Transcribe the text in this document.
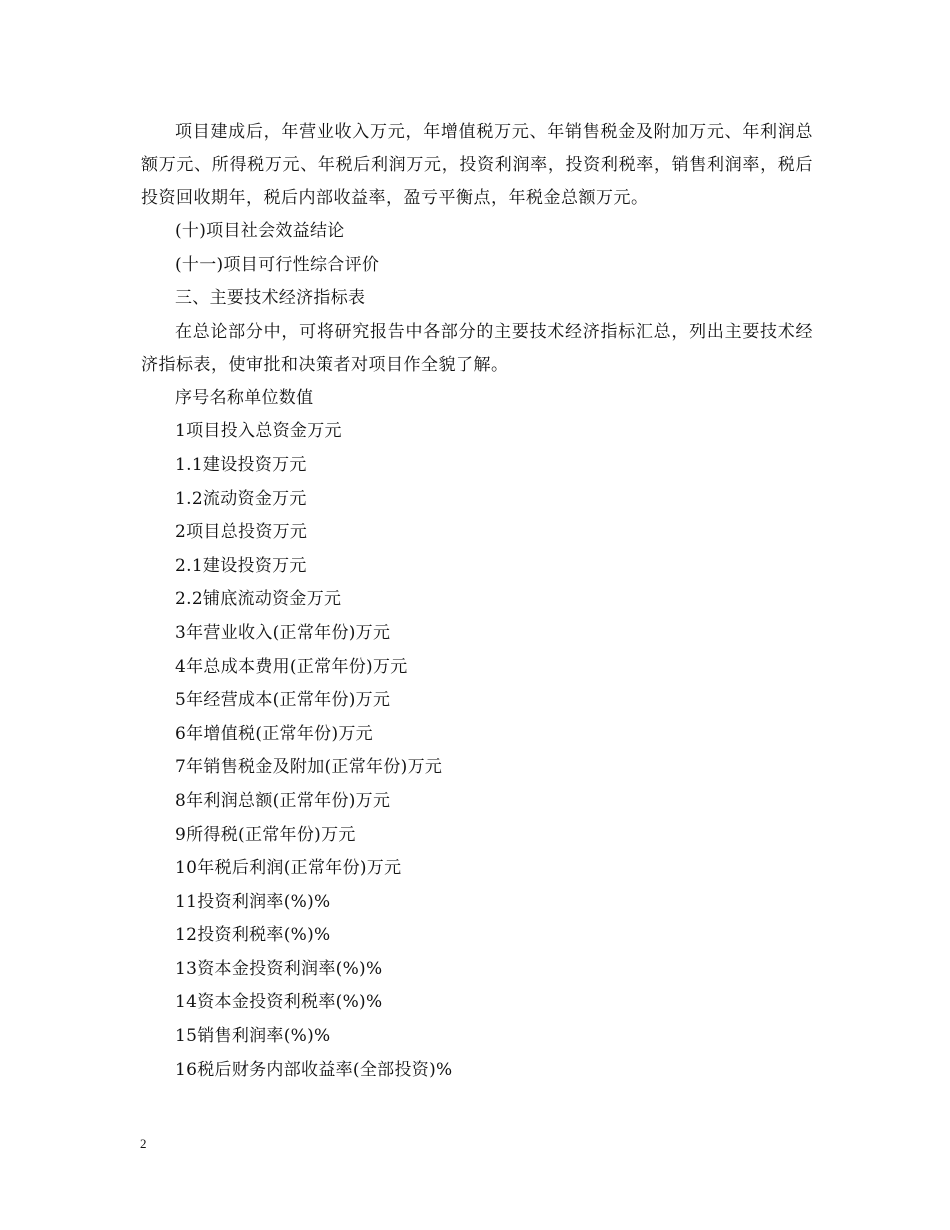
项目建成后，年营业收入万元，年增值税万元、年销售税金及附加万元、年利润总额万元、所得税万元、年税后利润万元，投资利润率，投资利税率，销售利润率，税后投资回收期年，税后内部收益率，盈亏平衡点，年税金总额万元。

(十)项目社会效益结论

(十一)项目可行性综合评价

三、主要技术经济指标表

在总论部分中，可将研究报告中各部分的主要技术经济指标汇总，列出主要技术经济指标表，使审批和决策者对项目作全貌了解。

序号名称单位数值

1项目投入总资金万元

1.1建设投资万元

1.2流动资金万元

2项目总投资万元

2.1建设投资万元

2.2铺底流动资金万元

3年营业收入(正常年份)万元

4年总成本费用(正常年份)万元

5年经营成本(正常年份)万元

6年增值税(正常年份)万元

7年销售税金及附加(正常年份)万元

8年利润总额(正常年份)万元

9所得税(正常年份)万元

10年税后利润(正常年份)万元

11投资利润率(%)%

12投资利税率(%)%

13资本金投资利润率(%)%

14资本金投资利税率(%)%

15销售利润率(%)%

16税后财务内部收益率(全部投资)%

2
